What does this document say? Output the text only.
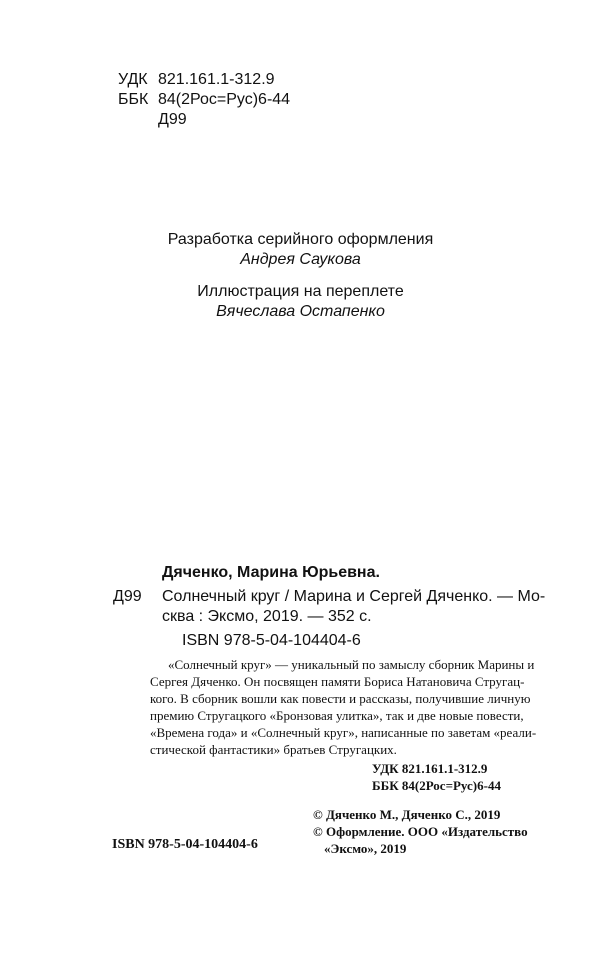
УДК 821.161.1-312.9
ББК 84(2Рос=Рус)6-44
Д99
Разработка серийного оформления
Андрея Саукова
Иллюстрация на переплете
Вячеслава Остапенко
Дяченко, Марина Юрьевна.
Д99 Солнечный круг / Марина и Сергей Дяченко. — Мо-
сква : Эксмо, 2019. — 352 с.
ISBN 978-5-04-104404-6
«Солнечный круг» — уникальный по замыслу сборник Марины и
Сергея Дяченко. Он посвящен памяти Бориса Натановича Стругац-
кого. В сборник вошли как повести и рассказы, получившие личную
премию Стругацкого «Бронзовая улитка», так и две новые повести,
«Времена года» и «Солнечный круг», написанные по заветам «реали-
стической фантастики» братьев Стругацких.
УДК 821.161.1-312.9
ББК 84(2Рос=Рус)6-44
ISBN 978-5-04-104404-6
© Дяченко М., Дяченко С., 2019
© Оформление. ООО «Издательство
«Эксмо», 2019
